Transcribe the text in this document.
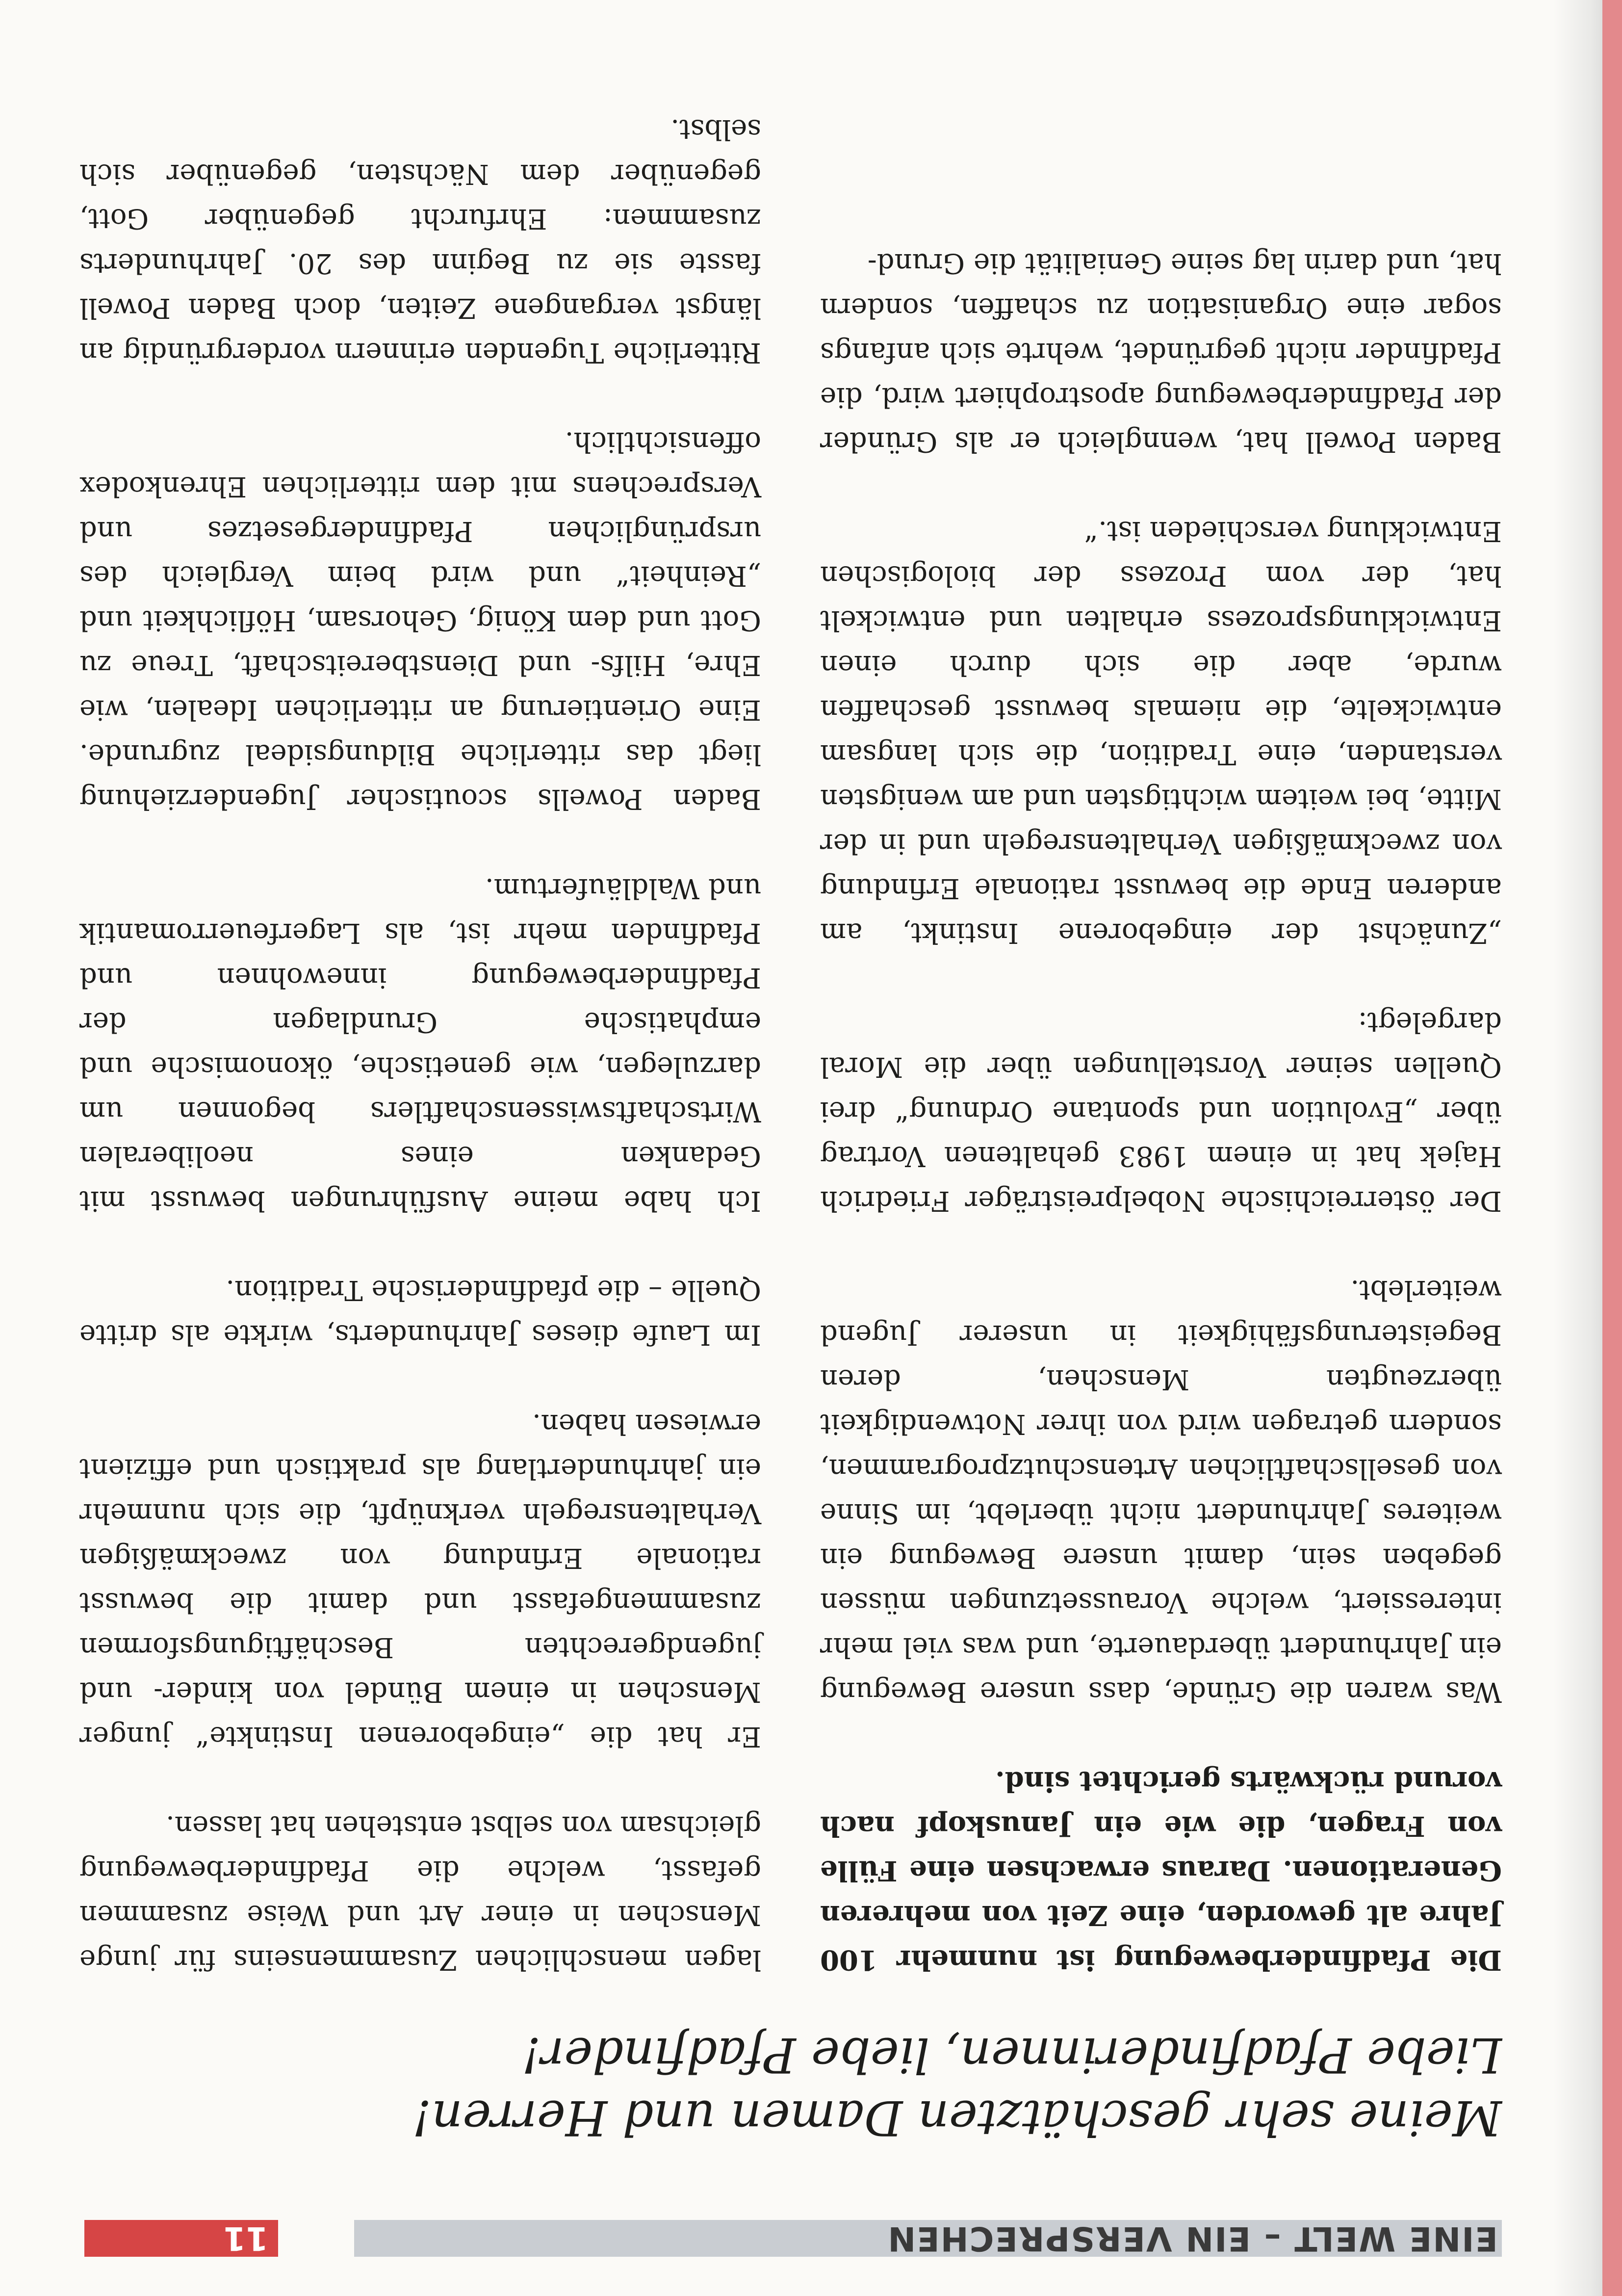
EINE WELT – EIN VERSPRECHEN
11
Meine sehr geschätzten Damen und Herren!
Liebe Pfadfinderinnen, liebe Pfadfinder!

Die Pfadfinderbewegung ist nunmehr 100 Jahre alt geworden, eine Zeit von mehreren Generationen. Daraus erwachsen eine Fülle von Fragen, die wie ein Januskopf nach vorund rückwärts gerichtet sind.

Was waren die Gründe, dass unsere Bewegung ein Jahrhundert überdauerte, und was viel mehr interessiert, welche Voraussetzungen müssen gegeben sein, damit unsere Bewegung ein weiteres Jahrhundert nicht überlebt, im Sinne von gesellschaftlichen Artenschutzprogrammen, sondern getragen wird von ihrer Notwendigkeit überzeugten Menschen, deren Begeisterungsfähigkeit in unserer Jugend weiterlebt.

Der österreichische Nobelpreisträger Friedrich Hajek hat in einem 1983 gehaltenen Vortrag über „Evolution und spontane Ordnung“ drei Quellen seiner Vorstellungen über die Moral dargelegt:

„Zunächst der eingeborene Instinkt, am anderen Ende die bewusst rationale Erfindung von zweckmäßigen Verhaltensregeln und in der Mitte, bei weitem wichtigsten und am wenigsten verstanden, eine Tradition, die sich langsam entwickelte, die niemals bewusst geschaffen wurde, aber die sich durch einen Entwicklungsprozess erhalten und entwickelt hat, der vom Prozess der biologischen Entwicklung verschieden ist.“

Baden Powell hat, wenngleich er als Gründer der Pfadfinderbewegung apostrophiert wird, die Pfadfinder nicht gegründet, wehrte sich anfangs sogar eine Organisation zu schaffen, sondern hat, und darin lag seine Genialität die Grund-

lagen menschlichen Zusammenseins für junge Menschen in einer Art und Weise zusammen gefasst, welche die Pfadfinderbewegung gleichsam von selbst entstehen hat lassen.

Er hat die „eingeborenen Instinkte“ junger Menschen in einem Bündel von kinder- und jugendgerechten Beschäftigungsformen zusammengefasst und damit die bewusst rationale Erfindung von zweckmäßigen Verhaltensregeln verknüpft, die sich nunmehr ein jahrhundertlang als praktisch und effizient erwiesen haben.

Im Laufe dieses Jahrhunderts, wirkte als dritte Quelle – die pfadfinderische Tradition.

Ich habe meine Ausführungen bewusst mit Gedanken eines neoliberalen Wirtschaftswissenschaftlers begonnen um darzulegen, wie genetische, ökonomische und emphatische Grundlagen der Pfadfinderbewegung innewohnen und Pfadfinden mehr ist, als Lagerfeuerromantik und Waldläufertum.

Baden Powells scoutischer Jugenderziehung liegt das ritterliche Bildungsideal zugrunde. Eine Orientierung an ritterlichen Idealen, wie Ehre, Hilfs- und Dienstbereitschaft, Treue zu Gott und dem König, Gehorsam, Höflichkeit und „Reinheit“ und wird beim Vergleich des ursprünglichen Pfadfindergesetzes und Versprechens mit dem ritterlichen Ehrenkodex offensichtlich.

Ritterliche Tugenden erinnern vordergründig an längst vergangene Zeiten, doch Baden Powell fasste sie zu Beginn des 20. Jahrhunderts zusammen: Ehrfurcht gegenüber Gott, gegenüber dem Nächsten, gegenüber sich selbst.
